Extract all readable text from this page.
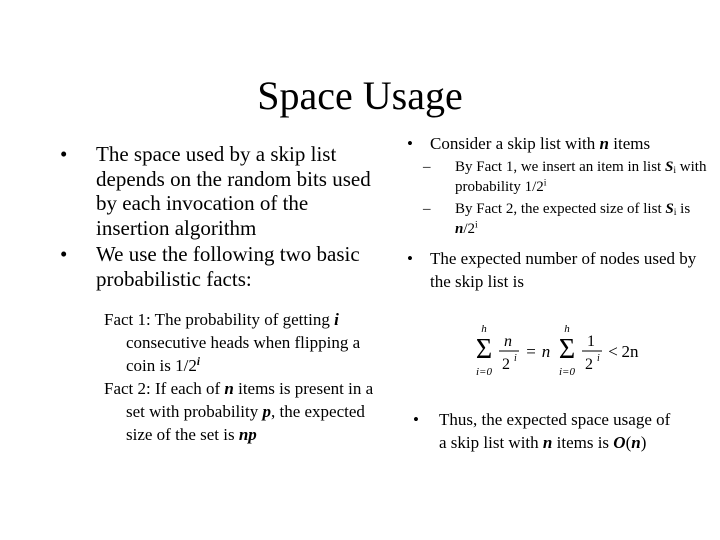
Space Usage
• The space used by a skip list depends on the random bits used by each invocation of the insertion algorithm
• We use the following two basic probabilistic facts:
Fact 1: The probability of getting i consecutive heads when flipping a coin is 1/2$^i$
Fact 2: If each of n items is present in a set with probability p, the expected size of the set is np
• Consider a skip list with n items
– By Fact 1, we insert an item in list $S_i$ with probability 1/2$^i$
– By Fact 2, the expected size of list $S_i$ is n/2$^i$
• The expected number of nodes used by the skip list is
h
Σ
i=0
n
2 i = n
h
Σ
i=0
1
2 i < 2n
• Thus, the expected space usage of a skip list with n items is O(n)
